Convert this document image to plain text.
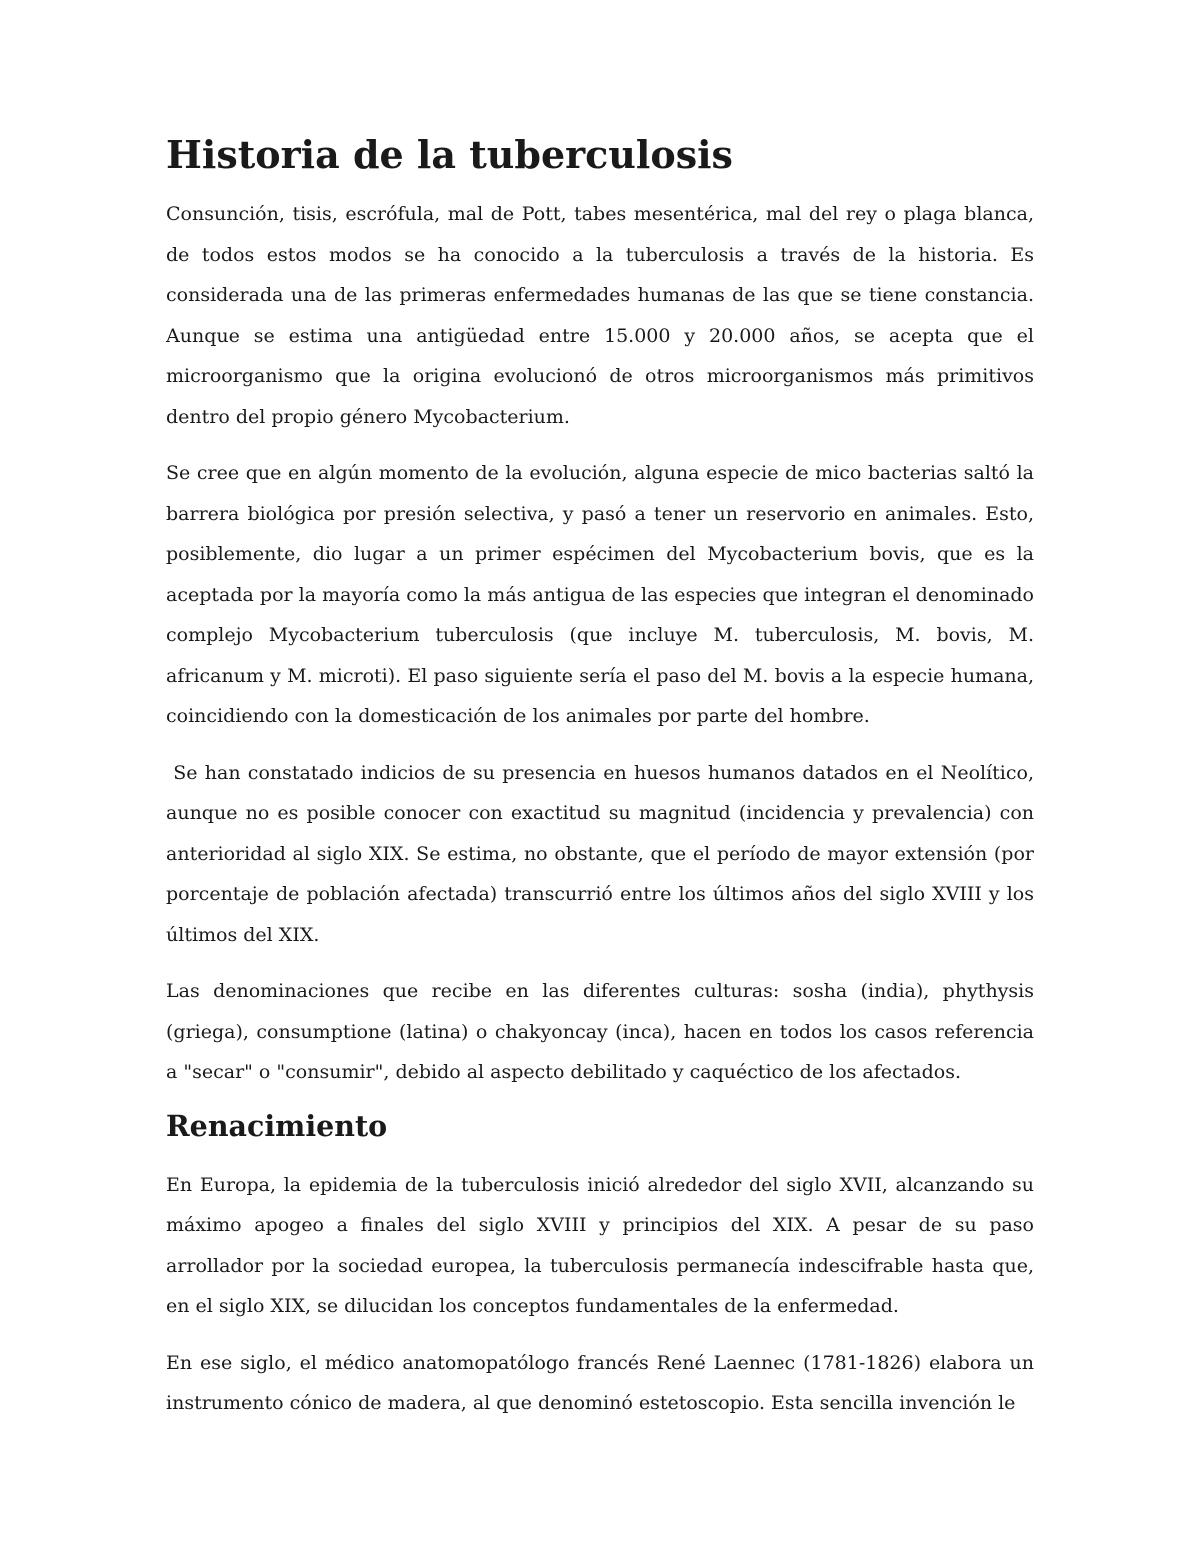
Historia de la tuberculosis

Consunción, tisis, escrófula, mal de Pott, tabes mesentérica, mal del rey o plaga blanca, de todos estos modos se ha conocido a la tuberculosis a través de la historia. Es considerada una de las primeras enfermedades humanas de las que se tiene constancia. Aunque se estima una antigüedad entre 15.000 y 20.000 años, se acepta que el microorganismo que la origina evolucionó de otros microorganismos más primitivos dentro del propio género Mycobacterium.

Se cree que en algún momento de la evolución, alguna especie de mico bacterias saltó la barrera biológica por presión selectiva, y pasó a tener un reservorio en animales. Esto, posiblemente, dio lugar a un primer espécimen del Mycobacterium bovis, que es la aceptada por la mayoría como la más antigua de las especies que integran el denominado complejo Mycobacterium tuberculosis (que incluye M. tuberculosis, M. bovis, M. africanum y M. microti). El paso siguiente sería el paso del M. bovis a la especie humana, coincidiendo con la domesticación de los animales por parte del hombre.

Se han constatado indicios de su presencia en huesos humanos datados en el Neolítico, aunque no es posible conocer con exactitud su magnitud (incidencia y prevalencia) con anterioridad al siglo XIX. Se estima, no obstante, que el período de mayor extensión (por porcentaje de población afectada) transcurrió entre los últimos años del siglo XVIII y los últimos del XIX.

Las denominaciones que recibe en las diferentes culturas: sosha (india), phythysis (griega), consumptione (latina) o chakyoncay (inca), hacen en todos los casos referencia a "secar" o "consumir", debido al aspecto debilitado y caquéctico de los afectados.

Renacimiento

En Europa, la epidemia de la tuberculosis inició alrededor del siglo XVII, alcanzando su máximo apogeo a finales del siglo XVIII y principios del XIX. A pesar de su paso arrollador por la sociedad europea, la tuberculosis permanecía indescifrable hasta que, en el siglo XIX, se dilucidan los conceptos fundamentales de la enfermedad.

En ese siglo, el médico anatomopatólogo francés René Laennec (1781-1826) elabora un instrumento cónico de madera, al que denominó estetoscopio. Esta sencilla invención le
